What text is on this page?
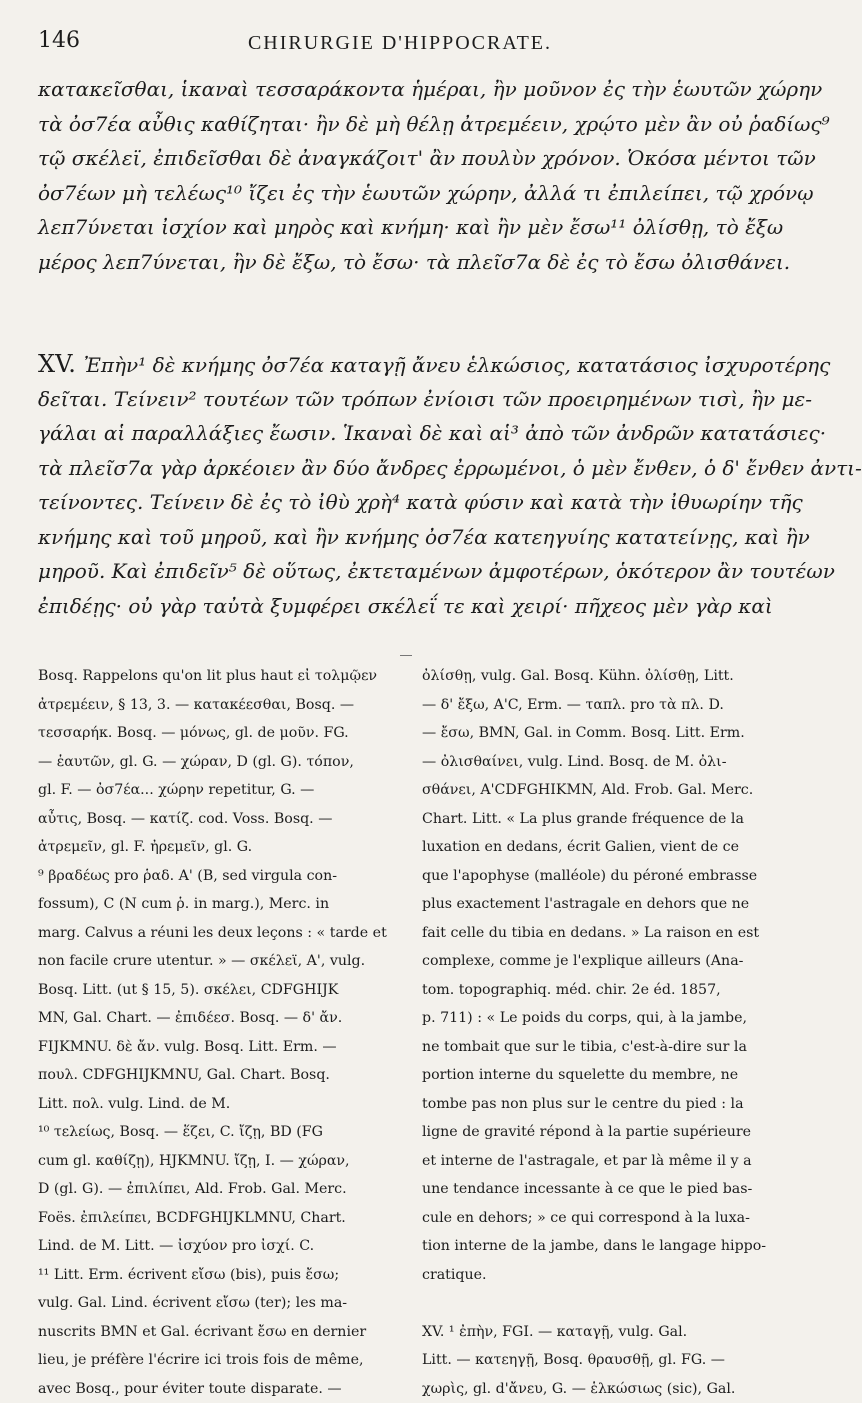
146	CHIRURGIE D'HIPPOCRATE.
κατακεῖσθαι, ἱκαναὶ τεσσαράκοντα ἡμέραι, ἢν μοῦνον ἐς τὴν ἑωυτῶν χώρην
τὰ ὀσ7έα αὖθις καθίζηται· ἢν δὲ μὴ θέλῃ ἀτρεμέειν, χρῴτο μὲν ἂν οὐ ῥαδίως⁹
τῷ σκέλεϊ, ἐπιδεῖσθαι δὲ ἀναγκάζοιτ' ἂν πουλὺν χρόνον. Ὁκόσα μέντοι τῶν
ὀσ7έων μὴ τελέως¹⁰ ἴζει ἐς τὴν ἑωυτῶν χώρην, ἀλλά τι ἐπιλείπει, τῷ χρόνῳ
λεπ7ύνεται ἰσχίον καὶ μηρὸς καὶ κνήμη· καὶ ἢν μὲν ἔσω¹¹ ὀλίσθῃ, τὸ ἔξω
μέρος λεπ7ύνεται, ἢν δὲ ἔξω, τὸ ἔσω· τὰ πλεῖσ7α δὲ ἐς τὸ ἔσω ὀλισθάνει.
XV. Ἐπὴν¹ δὲ κνήμης ὀσ7έα καταγῇ ἄνευ ἑλκώσιος, κατατάσιος ἰσχυροτέρης
δεῖται. Τείνειν² τουτέων τῶν τρόπων ἐνίοισι τῶν προειρημένων τισὶ, ἢν με-
γάλαι αἱ παραλλάξιες ἔωσιν. Ἱκαναὶ δὲ καὶ αἱ³ ἀπὸ τῶν ἀνδρῶν κατατάσιες·
τὰ πλεῖσ7α γὰρ ἀρκέοιεν ἂν δύο ἄνδρες ἐρρωμένοι, ὁ μὲν ἔνθεν, ὁ δ' ἔνθεν ἀντι-
τείνοντες. Τείνειν δὲ ἐς τὸ ἰθὺ χρὴ⁴ κατὰ φύσιν καὶ κατὰ τὴν ἰθυωρίην τῆς
κνήμης καὶ τοῦ μηροῦ, καὶ ἢν κνήμης ὀσ7έα κατεηγυίης κατατείνῃς, καὶ ἢν
μηροῦ. Καὶ ἐπιδεῖν⁵ δὲ οὕτως, ἐκτεταμένων ἀμφοτέρων, ὁκότερον ἂν τουτέων
ἐπιδέῃς· οὐ γὰρ ταὐτὰ ξυμφέρει σκέλεΐ τε καὶ χειρί· πῆχεος μὲν γὰρ καὶ
Bosq. Rappelons qu'on lit plus haut εἰ τολμῷεν
ἀτρεμέειν, § 13, 3. — κατακέεσθαι, Bosq. —
τεσσαρήκ. Bosq. — μόνως, gl. de μοῦν. FG.
— ἑαυτῶν, gl. G. — χώραν, D (gl. G). τόπον,
gl. F. — ὀσ7έα... χώρην repetitur, G. —
αὖτις, Bosq. — κατίζ. cod. Voss. Bosq. —
ἀτρεμεῖν, gl. F. ἠρεμεῖν, gl. G.
⁹ βραδέως pro ῥαδ. A' (B, sed virgula con-
fossum), C (N cum ῥ. in marg.), Merc. in
marg. Calvus a réuni les deux leçons : « tarde et
non facile crure utentur. » — σκέλεϊ, A', vulg.
Bosq. Litt. (ut § 15, 5). σκέλει, CDFGHIJK
MN, Gal. Chart. — ἐπιδέεσ. Bosq. — δ' ἄν.
FIJKMNU. δὲ ἄν. vulg. Bosq. Litt. Erm. —
πουλ. CDFGHIJKMNU, Gal. Chart. Bosq.
Litt. πολ. vulg. Lind. de M.
¹⁰ τελείως, Bosq. — ἕζει, C. ἴζῃ, BD (FG
cum gl. καθίζῃ), HJKMNU. ἴζῃ, I. — χώραν,
D (gl. G). — ἐπιλίπει, Ald. Frob. Gal. Merc.
Foës. ἐπιλείπει, BCDFGHIJKLMNU, Chart.
Lind. de M. Litt. — ἰσχύον pro ἰσχί. C.
¹¹ Litt. Erm. écrivent εἴσω (bis), puis ἔσω;
vulg. Gal. Lind. écrivent εἴσω (ter); les ma-
nuscrits BMN et Gal. écrivant ἔσω en dernier
lieu, je préfère l'écrire ici trois fois de même,
avec Bosq., pour éviter toute disparate. —
ὀλίσθῃ, vulg. Gal. Bosq. Kühn. ὀλίσθῃ, Litt.
— δ' ἔξω, A'C, Erm. — ταπλ. pro τὰ πλ. D.
— ἔσω, BMN, Gal. in Comm. Bosq. Litt. Erm.
— ὀλισθαίνει, vulg. Lind. Bosq. de M. ὀλι-
σθάνει, A'CDFGHIKMN, Ald. Frob. Gal. Merc.
Chart. Litt. « La plus grande fréquence de la
luxation en dedans, écrit Galien, vient de ce
que l'apophyse (malléole) du péroné embrasse
plus exactement l'astragale en dehors que ne
fait celle du tibia en dedans. » La raison en est
complexe, comme je l'explique ailleurs (Ana-
tom. topographiq. méd. chir. 2e éd. 1857,
p. 711) : « Le poids du corps, qui, à la jambe,
ne tombait que sur le tibia, c'est-à-dire sur la
portion interne du squelette du membre, ne
tombe pas non plus sur le centre du pied : la
ligne de gravité répond à la partie supérieure
et interne de l'astragale, et par là même il y a
une tendance incessante à ce que le pied bas-
cule en dehors; » ce qui correspond à la luxa-
tion interne de la jambe, dans le langage hippo-
cratique.
XV. ¹ ἐπὴν, FGI. — καταγῇ, vulg. Gal.
Litt. — κατεηγῇ, Bosq. θραυσθῇ, gl. FG. —
χωρὶς, gl. d'ἄνευ, G. — ἑλκώσιως (sic), Gal.
